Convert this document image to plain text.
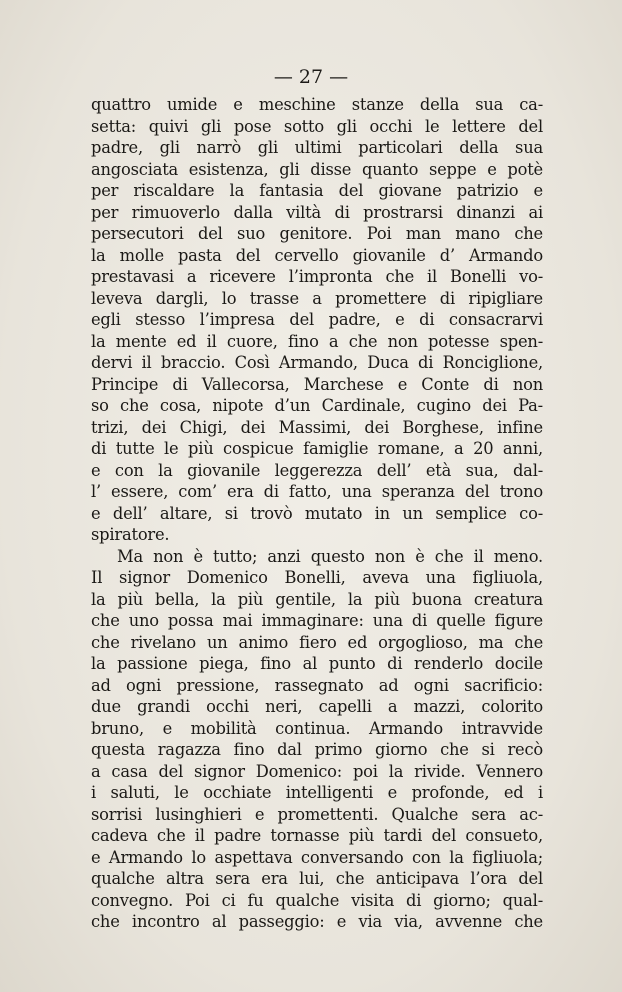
— 27 —
quattro umide e meschine stanze della sua ca-
setta: quivi gli pose sotto gli occhi le lettere del
padre, gli narrò gli ultimi particolari della sua
angosciata esistenza, gli disse quanto seppe e potè
per riscaldare la fantasia del giovane patrizio e
per rimuoverlo dalla viltà di prostrarsi dinanzi ai
persecutori del suo genitore. Poi man mano che
la molle pasta del cervello giovanile d’ Armando
prestavasi a ricevere l’impronta che il Bonelli vo-
leveva dargli, lo trasse a promettere di ripigliare
egli stesso l’impresa del padre, e di consacrarvi
la mente ed il cuore, fino a che non potesse spen-
dervi il braccio. Così Armando, Duca di Ronciglione,
Principe di Vallecorsa, Marchese e Conte di non
so che cosa, nipote d’un Cardinale, cugino dei Pa-
trizi, dei Chigi, dei Massimi, dei Borghese, infine
di tutte le più cospicue famiglie romane, a 20 anni,
e con la giovanile leggerezza dell’ età sua, dal-
l’ essere, com’ era di fatto, una speranza del trono
e dell’ altare, si trovò mutato in un semplice co-
spiratore.
Ma non è tutto; anzi questo non è che il meno.
Il signor Domenico Bonelli, aveva una figliuola,
la più bella, la più gentile, la più buona creatura
che uno possa mai immaginare: una di quelle figure
che rivelano un animo fiero ed orgoglioso, ma che
la passione piega, fino al punto di renderlo docile
ad ogni pressione, rassegnato ad ogni sacrificio:
due grandi occhi neri, capelli a mazzi, colorito
bruno, e mobilità continua. Armando intravvide
questa ragazza fino dal primo giorno che si recò
a casa del signor Domenico: poi la rivide. Vennero
i saluti, le occhiate intelligenti e profonde, ed i
sorrisi lusinghieri e promettenti. Qualche sera ac-
cadeva che il padre tornasse più tardi del consueto,
e Armando lo aspettava conversando con la figliuola;
qualche altra sera era lui, che anticipava l’ora del
convegno. Poi ci fu qualche visita di giorno; qual-
che incontro al passeggio: e via via, avvenne che
